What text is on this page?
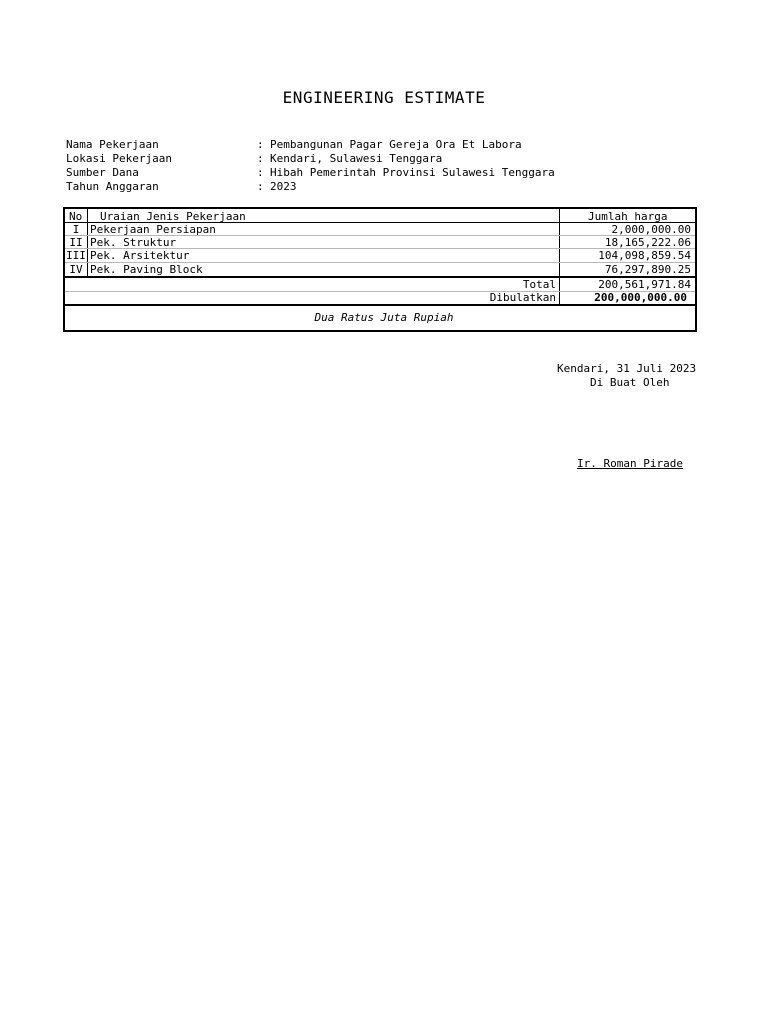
ENGINEERING ESTIMATE
Nama Pekerjaan	: Pembangunan Pagar Gereja Ora Et Labora
Lokasi Pekerjaan	: Kendari, Sulawesi Tenggara
Sumber Dana	: Hibah Pemerintah Provinsi Sulawesi Tenggara
Tahun Anggaran	: 2023
No Uraian Jenis Pekerjaan	Jumlah harga
I Pekerjaan Persiapan	2,000,000.00
II Pek. Struktur	18,165,222.06
III Pek. Arsitektur	104,098,859.54
IV Pek. Paving Block	76,297,890.25
Total	200,561,971.84
Dibulatkan	200,000,000.00
Dua Ratus Juta Rupiah
Kendari, 31 Juli 2023
Di Buat Oleh
Ir. Roman Pirade
